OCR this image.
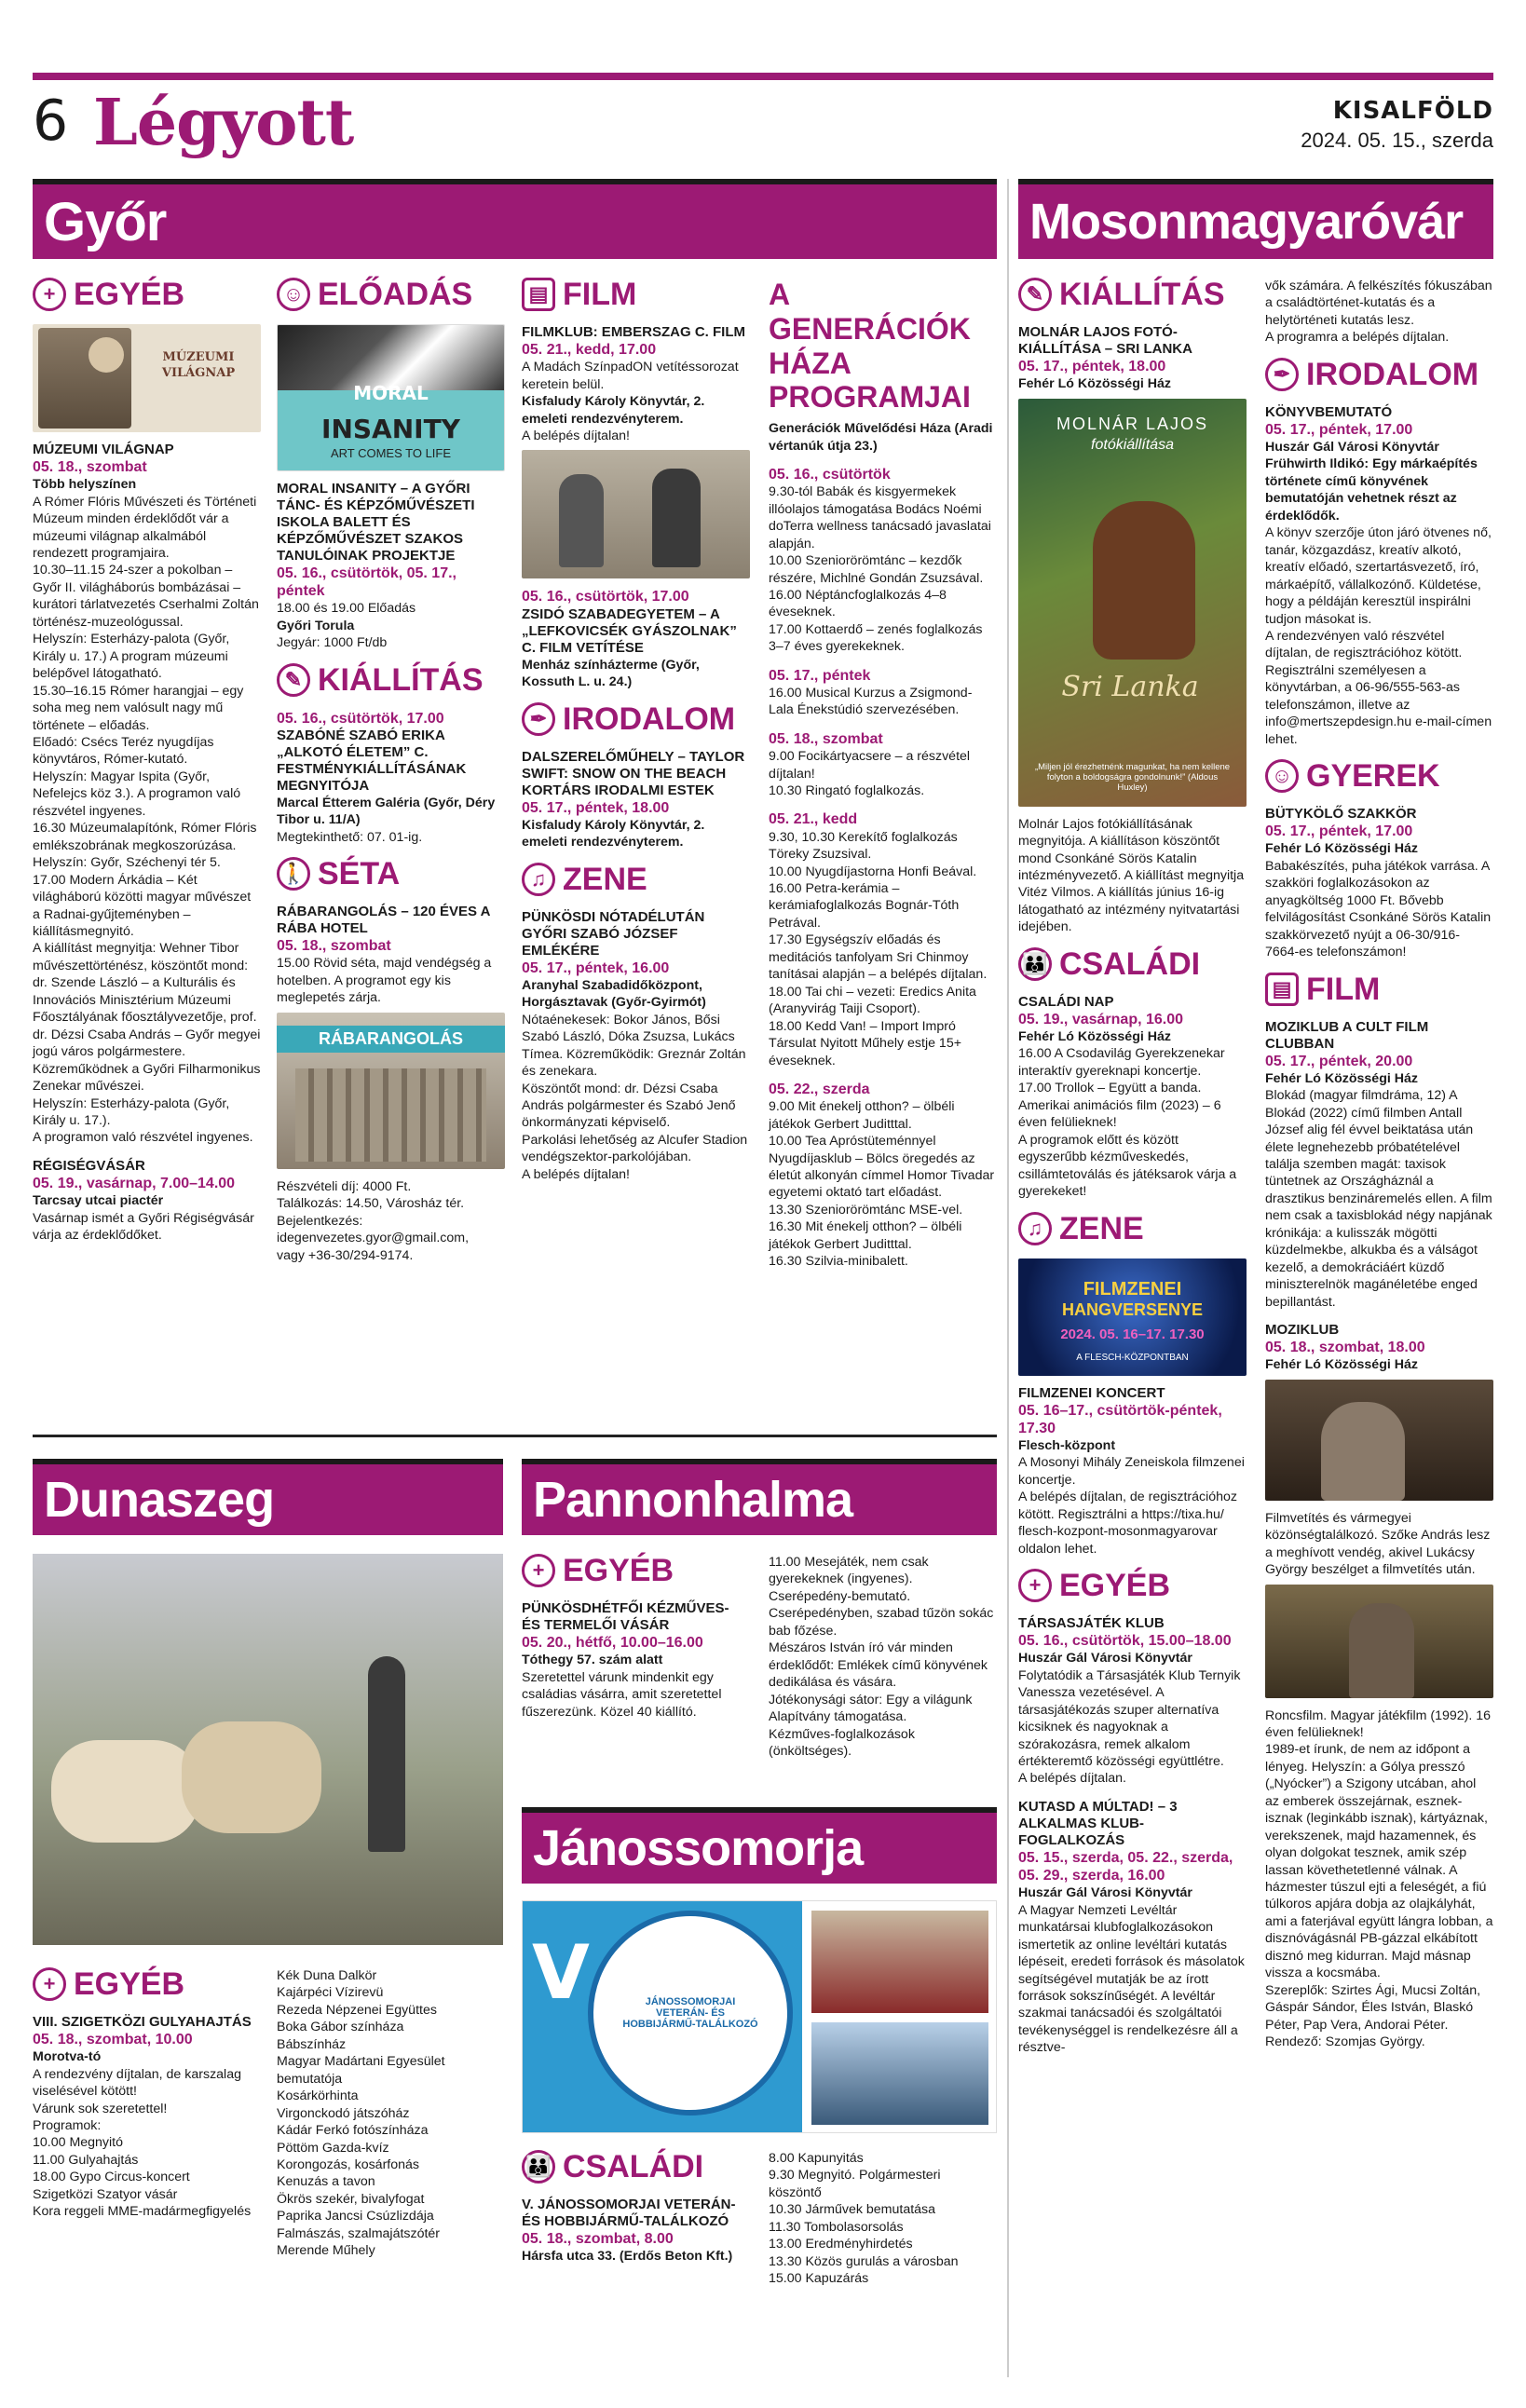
6 Légyott	KISALFÖLD
2024. 05. 15., szerda
Győr	Mosonmagyaróvár
+ EGYÉB
MÚZEUMI VILÁGNAP
MÚZEUMI VILÁGNAP
05. 18., szombat
Több helyszínen

A Rómer Flóris Művészeti és Történeti Múzeum minden érdeklődőt vár a múzeumi világnap alkalmából rendezett programjaira.

10.30–11.15 24-szer a pokolban – Győr II. világháborús bombázásai – kurátori tárlatvezetés Cserhalmi Zoltán történész-muzeológussal.

Helyszín: Esterházy-palota (Győr, Király u. 17.) A program múzeumi belépővel látogatható.

15.30–16.15 Rómer harangjai – egy soha meg nem valósult nagy mű története – előadás.

Előadó: Csécs Teréz nyugdíjas könyvtáros, Rómer-kutató.

Helyszín: Magyar Ispita (Győr, Nefelejcs köz 3.). A programon való részvétel ingyenes.

16.30 Múzeumalapítónk, Rómer Flóris emlékszobrának megkoszorúzása.

Helyszín: Győr, Széchenyi tér 5.

17.00 Modern Árkádia – Két világháború közötti magyar művészet a Radnai-gyűjteményben – kiállításmegnyitó.

A kiállítást megnyitja: Wehner Tibor művészettörténész, köszöntőt mond: dr. Szende László – a Kulturális és Innovációs Minisztérium Múzeumi Főosztályának főosztályvezetője, prof. dr. Dézsi Csaba András – Győr megyei jogú város polgármestere.

Közreműködnek a Győri Filharmonikus Zenekar művészei.

Helyszín: Esterházy-palota (Győr, Király u. 17.).

A programon való részvétel ingyenes.

RÉGISÉGVÁSÁR
05. 19., vasárnap, 7.00–14.00
Tarcsay utcai piactér

Vasárnap ismét a Győri Régiségvásár várja az érdeklődőket.

☺ ELŐADÁS
MORAL
INSANITY
ART COMES TO LIFE
MORAL INSANITY – A GYŐRI TÁNC- ÉS KÉPZŐMŰVÉSZETI ISKOLA BALETT ÉS KÉPZŐMŰVÉSZET SZAKOS TANULÓINAK PROJEKTJE
05. 16., csütörtök, 05. 17., péntek

18.00 és 19.00 Előadás

Győri Torula

Jegyár: 1000 Ft/db

✎ KIÁLLÍTÁS
05. 16., csütörtök, 17.00
SZABÓNÉ SZABÓ ERIKA „ALKOTÓ ÉLETEM” C. FESTMÉNYKIÁLLÍTÁSÁNAK MEGNYITÓJA
Marcal Étterem Galéria (Győr, Déry Tibor u. 11/A)

Megtekinthető: 07. 01-ig.

🚶 SÉTA
RÁBARANGOLÁS – 120 ÉVES A RÁBA HOTEL
05. 18., szombat

15.00 Rövid séta, majd vendégség a hotelben. A programot egy kis meglepetés zárja.

RÁBARANGOLÁS

Részvételi díj: 4000 Ft.

Találkozás: 14.50, Városház tér.

Bejelentkezés:

idegenvezetes.gyor@gmail.com,

vagy +36-30/294-9174.

▤ FILM
FILMKLUB: EMBERSZAG C. FILM
05. 21., kedd, 17.00

A Madách SzínpadON vetítéssorozat keretein belül.

Kisfaludy Károly Könyvtár, 2. emeleti rendezvényterem.

A belépés díjtalan!

05. 16., csütörtök, 17.00
ZSIDÓ SZABADEGYETEM – A „LEFKOVICSÉK GYÁSZOLNAK” C. FILM VETÍTÉSE
Menház színházterme (Győr, Kossuth L. u. 24.)
✒ IRODALOM
DALSZERELŐMŰHELY – TAYLOR SWIFT: SNOW ON THE BEACH KORTÁRS IRODALMI ESTEK
05. 17., péntek, 18.00
Kisfaludy Károly Könyvtár, 2. emeleti rendezvényterem.
♫ ZENE
PÜNKÖSDI NÓTADÉLUTÁN GYŐRI SZABÓ JÓZSEF EMLÉKÉRE
05. 17., péntek, 16.00
Aranyhal Szabadidőközpont, Horgásztavak (Győr-Gyirmót)

Nótaénekesek: Bokor János, Bősi Szabó László, Dóka Zsuzsa, Lukács Tímea. Közreműködik: Greznár Zoltán és zenekara.

Köszöntőt mond: dr. Dézsi Csaba András polgármester és Szabó Jenő önkormányzati képviselő.

Parkolási lehetőség az Alcufer Stadion vendégszektor-parkolójában.

A belépés díjtalan!

A GENERÁCIÓK HÁZA PROGRAMJAI
Generációk Művelődési Háza (Aradi vértanúk útja 23.)
05. 16., csütörtök

9.30-tól Babák és kisgyermekek illóolajos támogatása Bodács Noémi doTerra wellness tanácsadó javaslatai alapján.

10.00 Szeniorörömtánc – kezdők részére, Michlné Gondán Zsuzsával.

16.00 Néptáncfoglalkozás 4–8 éveseknek.

17.00 Kottaerdő – zenés foglalkozás 3–7 éves gyerekeknek.

05. 17., péntek

16.00 Musical Kurzus a Zsigmond-Lala Énekstúdió szervezésében.

05. 18., szombat

9.00 Focikártyacsere – a részvétel díjtalan!

10.30 Ringató foglalkozás.

05. 21., kedd

9.30, 10.30 Kerekítő foglalkozás Töreky Zsuzsival.

10.00 Nyugdíjastorna Honfi Beával.

16.00 Petra-kerámia – kerámiafoglalkozás Bognár-Tóth Petrával.

17.30 Egységszív előadás és meditációs tanfolyam Sri Chinmoy tanításai alapján – a belépés díjtalan.

18.00 Tai chi – vezeti: Eredics Anita (Aranyvirág Taiji Csoport).

18.00 Kedd Van! – Import Impró Társulat Nyitott Műhely estje 15+ éveseknek.

05. 22., szerda

9.00 Mit énekelj otthon? – ölbéli játékok Gerbert Juditttal.

10.00 Tea Apróstüteménnyel Nyugdíjasklub – Bölcs öregedés az életút alkonyán címmel Homor Tivadar egyetemi oktató tart előadást.

13.30 Szeniorörömtánc MSE-vel.

16.30 Mit énekelj otthon? – ölbéli játékok Gerbert Juditttal.

16.30 Szilvia-minibalett.

✎ KIÁLLÍTÁS
MOLNÁR LAJOS FOTÓ-KIÁLLÍTÁSA – SRI LANKA
05. 17., péntek, 18.00
Fehér Ló Közösségi Ház
MOLNÁR LAJOS
fotókiállítása
Sri Lanka
„Miljen jól érezhetnénk magunkat, ha nem kellene folyton a boldogságra gondolnunk!” (Aldous Huxley)

Molnár Lajos fotókiállításának megnyitója. A kiállításon köszöntőt mond Csonkáné Sörös Katalin intézményvezető. A kiállítást megnyitja Vitéz Vilmos. A kiállítás június 16-ig látogatható az intézmény nyitvatartási idejében.

👪 CSALÁDI
CSALÁDI NAP
05. 19., vasárnap, 16.00
Fehér Ló Közösségi Ház

16.00 A Csodavilág Gyerekzenekar interaktív gyereknapi koncertje.

17.00 Trollok – Együtt a banda. Amerikai animációs film (2023) – 6 éven felülieknek!

A programok előtt és között egyszerűbb kézműveskedés, csillámtetoválás és játéksarok várja a gyerekeket!

♫ ZENE
FILMZENEI
HANGVERSENYE
2024. 05. 16–17. 17.30
A FLESCH-KÖZPONTBAN
FILMZENEI KONCERT
05. 16–17., csütörtök-péntek, 17.30
Flesch-központ

A Mosonyi Mihály Zeneiskola filmzenei koncertje.

A belépés díjtalan, de regisztrációhoz kötött. Regisztrálni a https://tixa.hu/ flesch-kozpont-mosonmagyarovar oldalon lehet.

+ EGYÉB
TÁRSASJÁTÉK KLUB
05. 16., csütörtök, 15.00–18.00
Huszár Gál Városi Könyvtár

Folytatódik a Társasjáték Klub Ternyik Vanessza vezetésével. A társasjátékozás szuper alternatíva kicsiknek és nagyoknak a szórakozásra, remek alkalom értékteremtő közösségi együttlétre.

A belépés díjtalan.

KUTASD A MÚLTAD! – 3 ALKALMAS KLUB-FOGLALKOZÁS
05. 15., szerda, 05. 22., szerda, 05. 29., szerda, 16.00
Huszár Gál Városi Könyvtár

A Magyar Nemzeti Levéltár munkatársai klubfoglalkozásokon ismertetik az online levéltári kutatás lépéseit, eredeti források és másolatok segítségével mutatják be az írott források sokszínűségét. A levéltár szakmai tanácsadói és szolgáltatói tevékenységgel is rendelkezésre áll a résztve-

vők számára. A felkészítés fókuszában a családtörténet-kutatás és a helytörténeti kutatás lesz.

A programra a belépés díjtalan.

✒ IRODALOM
KÖNYVBEMUTATÓ
05. 17., péntek, 17.00
Huszár Gál Városi Könyvtár

Frühwirth Ildikó: Egy márkaépítés története című könyvének bemutatóján vehetnek részt az érdeklődők.

A könyv szerzője úton járó ötvenes nő, tanár, közgazdász, kreatív alkotó, kreatív előadó, szertartásvezető, író, márkaépítő, vállalkozónő. Küldetése, hogy a példáján keresztül inspirálni tudjon másokat is.

A rendezvényen való részvétel díjtalan, de regisztrációhoz kötött. Regisztrálni személyesen a könyvtárban, a 06-96/555-563-as telefonszámon, illetve az info@mertszepdesign.hu e-mail-címen lehet.

☺ GYEREK
BÜTYKÖLŐ SZAKKÖR
05. 17., péntek, 17.00
Fehér Ló Közösségi Ház

Babakészítés, puha játékok varrása. A szakköri foglalkozásokon az anyagköltség 1000 Ft. Bővebb felvilágosítást Csonkáné Sörös Katalin szakkörvezető nyújt a 06-30/916-7664-es telefonszámon!

▤ FILM
MOZIKLUB A CULT FILM CLUBBAN
05. 17., péntek, 20.00
Fehér Ló Közösségi Ház

Blokád (magyar filmdráma, 12) A Blokád (2022) című filmben Antall József alig fél évvel beiktatása után élete legnehezebb próbatételével találja szemben magát: taxisok tüntetnek az Országháznál a drasztikus benzináremelés ellen. A film nem csak a taxisblokád négy napjának krónikája: a kulisszák mögötti küzdelmekbe, alkukba és a válságot kezelő, a demokráciáért küzdő miniszterelnök magánéletébe enged bepillantást.

MOZIKLUB
05. 18., szombat, 18.00
Fehér Ló Közösségi Ház

Filmvetítés és vármegyei közönségtalálkozó. Szőke András lesz a meghívott vendég, akivel Lukácsy György beszélget a filmvetítés után.

Roncsfilm. Magyar játékfilm (1992). 16 éven felülieknek!

1989-et írunk, de nem az időpont a lényeg. Helyszín: a Gólya presszó („Nyócker”) a Szigony utcában, ahol az emberek összejárnak, esznek-isznak (leginkább isznak), kártyáznak, verekszenek, majd hazamennek, és olyan dolgokat tesznek, amik szép lassan követhetetlenné válnak. A házmester túszul ejti a feleségét, a fiú túlkoros apjára dobja az olajkályhát, ami a faterjával együtt lángra lobban, a disznóvágásnál PB-gázzal elkábított disznó meg kidurran. Majd másnap vissza a kocsmába.

Szereplők: Szirtes Ági, Mucsi Zoltán, Gáspár Sándor, Éles István, Blaskó Péter, Pap Vera, Andorai Péter. Rendező: Szomjas György.

Dunaszeg
+ EGYÉB
VIII. SZIGETKÖZI GULYAHAJTÁS
05. 18., szombat, 10.00
Morotva-tó

A rendezvény díjtalan, de karszalag viselésével kötött!

Várunk sok szeretettel!

Programok:

10.00 Megnyitó

11.00 Gulyahajtás

18.00 Gypo Circus-koncert

Szigetközi Szatyor vásár

Kora reggeli MME-madármegfigyelés

Kék Duna Dalkör

Kajárpéci Vízirevü

Rezeda Népzenei Együttes

Boka Gábor színháza

Bábszínház

Magyar Madártani Egyesület bemutatója

Kosárkörhinta

Virgonckodó játszóház

Kádár Ferkó fotószínháza

Pöttöm Gazda-kvíz

Korongozás, kosárfonás

Kenuzás a tavon

Ökrös szekér, bivalyfogat

Paprika Jancsi Csúzlizdája

Falmászás, szalmajátszótér

Merende Műhely

Pannonhalma
+ EGYÉB
PÜNKÖSDHÉTFŐI KÉZMŰVES- ÉS TERMELŐI VÁSÁR
05. 20., hétfő, 10.00–16.00
Tóthegy 57. szám alatt

Szeretettel várunk mindenkit egy családias vásárra, amit szeretettel fűszerezünk. Közel 40 kiállító.

11.00 Mesejáték, nem csak gyerekeknek (ingyenes).

Cserépedény-bemutató. Cserépedényben, szabad tűzön sokác bab főzése.

Mészáros István író vár minden érdeklődőt: Emlékek című könyvének dedikálása és vására.

Jótékonysági sátor: Egy a világunk Alapítvány támogatása.

Kézműves-foglalkozások (önköltséges).

Jánossomorja
V	JÁNOSSOMORJAI VETERÁN- ÉS HOBBIJÁRMŰ-TALÁLKOZÓ
👪 CSALÁDI
V. JÁNOSSOMORJAI VETERÁN- ÉS HOBBIJÁRMŰ-TALÁLKOZÓ
05. 18., szombat, 8.00
Hársfa utca 33. (Erdős Beton Kft.)

8.00 Kapunyitás

9.30 Megnyitó. Polgármesteri köszöntő

10.30 Járművek bemutatása

11.30 Tombolasorsolás

13.00 Eredményhirdetés

13.30 Közös gurulás a városban

15.00 Kapuzárás
